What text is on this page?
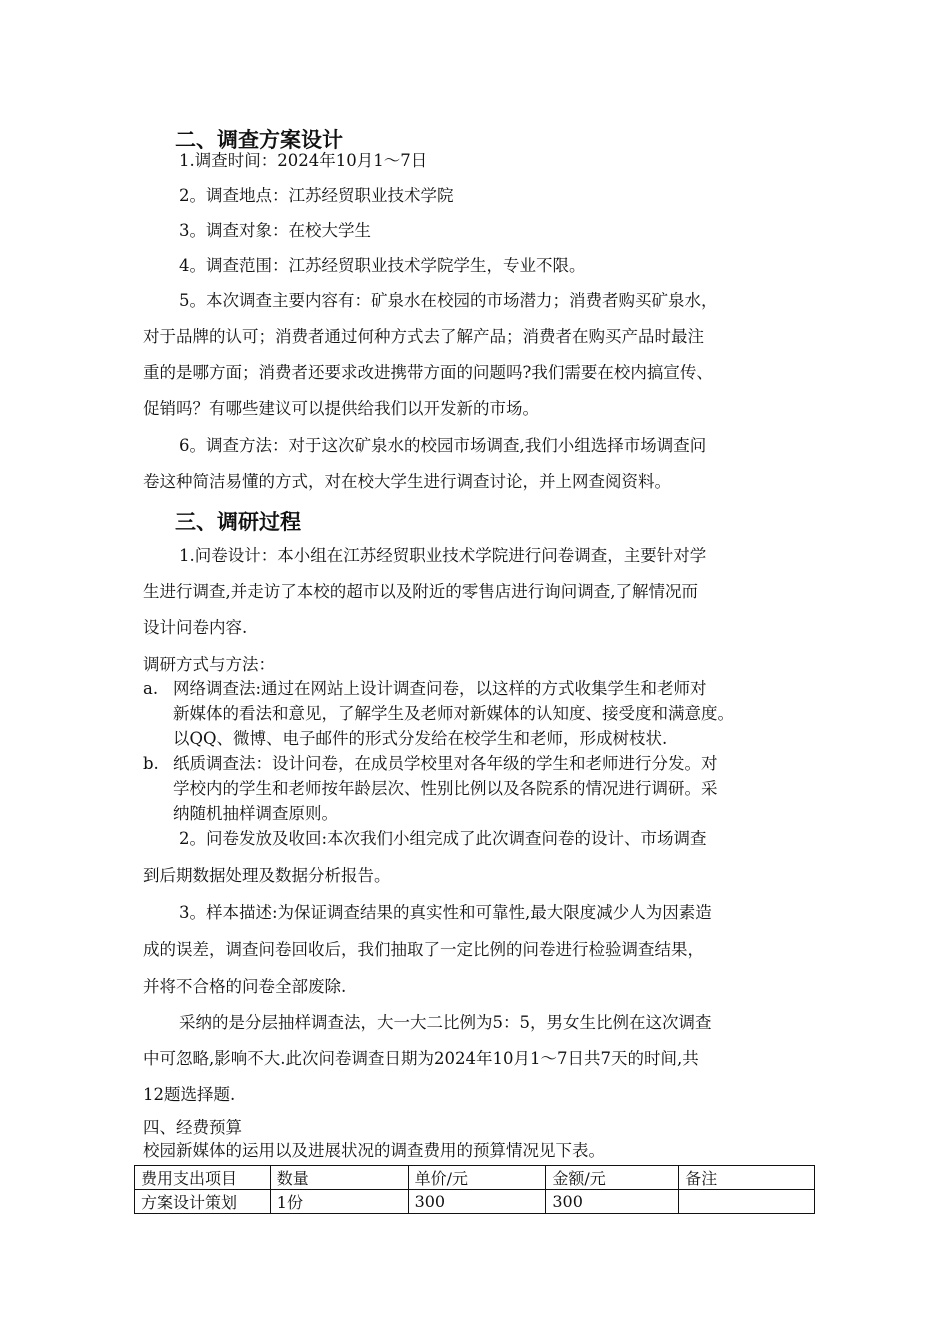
二、调查方案设计
1.调查时间：2024年10月1～7日
2。调查地点：江苏经贸职业技术学院
3。调查对象：在校大学生
4。调查范围：江苏经贸职业技术学院学生，专业不限。
5。本次调查主要内容有：矿泉水在校园的市场潜力；消费者购买矿泉水，
对于品牌的认可；消费者通过何种方式去了解产品；消费者在购买产品时最注
重的是哪方面；消费者还要求改进携带方面的问题吗?我们需要在校内搞宣传、
促销吗？有哪些建议可以提供给我们以开发新的市场。
6。调查方法：对于这次矿泉水的校园市场调查,我们小组选择市场调查问
卷这种简洁易懂的方式，对在校大学生进行调查讨论，并上网查阅资料。
三、调研过程
1.问卷设计：本小组在江苏经贸职业技术学院进行问卷调查，主要针对学
生进行调查,并走访了本校的超市以及附近的零售店进行询问调查,了解情况而
设计问卷内容.
调研方式与方法：
a. 网络调查法:通过在网站上设计调查问卷，以这样的方式收集学生和老师对
新媒体的看法和意见，了解学生及老师对新媒体的认知度、接受度和满意度。
以QQ、微博、电子邮件的形式分发给在校学生和老师，形成树枝状.
b. 纸质调查法：设计问卷，在成员学校里对各年级的学生和老师进行分发。对
学校内的学生和老师按年龄层次、性别比例以及各院系的情况进行调研。采
纳随机抽样调查原则。
2。问卷发放及收回:本次我们小组完成了此次调查问卷的设计、市场调查
到后期数据处理及数据分析报告。
3。样本描述:为保证调查结果的真实性和可靠性,最大限度减少人为因素造
成的误差，调查问卷回收后，我们抽取了一定比例的问卷进行检验调查结果，
并将不合格的问卷全部废除.
采纳的是分层抽样调查法，大一大二比例为5：5，男女生比例在这次调查
中可忽略,影响不大.此次问卷调查日期为2024年10月1～7日共7天的时间,共
12题选择题.
四、经费预算
校园新媒体的运用以及进展状况的调查费用的预算情况见下表。
费用支出项目	数量	单价/元	金额/元	备注
方案设计策划	1份	300	300	
